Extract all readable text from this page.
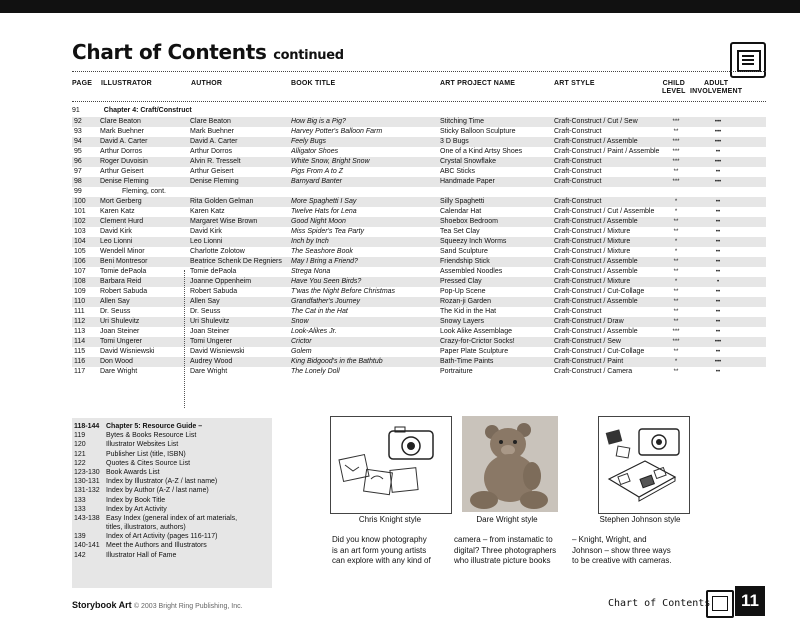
Chart of Contents continued
PAGE ILLUSTRATOR	AUTHOR	BOOK TITLE	ART PROJECT NAME	ART STYLE	CHILD
LEVEL
ADULT
INVOLVEMENT
91	Chapter 4: Craft/Construct
92	Clare Beaton	Clare Beaton	How Big is a Pig?	Stitching Time	Craft-Construct / Cut / Sew	***	•••
93	Mark Buehner	Mark Buehner	Harvey Potter's Balloon Farm	Sticky Balloon Sculpture	Craft-Construct	**	•••
94	David A. Carter	David A. Carter	Feely Bugs	3 D Bugs	Craft-Construct / Assemble	***	•••
95	Arthur Dorros	Arthur Dorros	Alligator Shoes	One of a Kind Artsy Shoes	Craft-Construct / Paint / Assemble	***	••
96	Roger Duvoisin	Alvin R. Tresselt	White Snow, Bright Snow	Crystal Snowflake	Craft-Construct	***	•••
97	Arthur Geisert	Arthur Geisert	Pigs From A to Z	ABC Sticks	Craft-Construct	**	••
98	Denise Fleming	Denise Fleming	Barnyard Banter	Handmade Paper	Craft-Construct	***	•••
99	Fleming, cont.
100	Mort Gerberg	Rita Golden Gelman	More Spaghetti I Say	Silly Spaghetti	Craft-Construct	*	••
101	Karen Katz	Karen Katz	Twelve Hats for Lena	Calendar Hat	Craft-Construct / Cut / Assemble	*	••
102	Clement Hurd	Margaret Wise Brown	Good Night Moon	Shoebox Bedroom	Craft-Construct / Assemble	**	••
103	David Kirk	David Kirk	Miss Spider's Tea Party	Tea Set Clay	Craft-Construct / Mixture	**	••
104	Leo Lionni	Leo Lionni	Inch by Inch	Squeezy Inch Worms	Craft-Construct / Mixture	*	••
105	Wendell Minor	Charlotte Zolotow	The Seashore Book	Sand Sculpture	Craft-Construct / Mixture	*	••
106	Beni Montresor	Beatrice Schenk De Regniers	May I Bring a Friend?	Friendship Stick	Craft-Construct / Assemble	**	••
107	Tomie dePaola	Tomie dePaola	Strega Nona	Assembled Noodles	Craft-Construct / Assemble	**	••
108	Barbara Reid	Joanne Oppenheim	Have You Seen Birds?	Pressed Clay	Craft-Construct / Mixture	*	•
109	Robert Sabuda	Robert Sabuda	T'was the Night Before Christmas	Pop-Up Scene	Craft-Construct / Cut-Collage	**	••
110	Allen Say	Allen Say	Grandfather's Journey	Rozan-ji Garden	Craft-Construct / Assemble	**	••
111	Dr. Seuss	Dr. Seuss	The Cat in the Hat	The Kid in the Hat	Craft-Construct	**	••
112	Uri Shulevitz	Uri Shulevitz	Snow	Snowy Layers	Craft-Construct / Draw	**	••
113	Joan Steiner	Joan Steiner	Look-Alikes Jr.	Look Alike Assemblage	Craft-Construct / Assemble	***	••
114	Tomi Ungerer	Tomi Ungerer	Crictor	Crazy-for-Crictor Socks!	Craft-Construct / Sew	***	•••
115	David Wisniewski	David Wisniewski	Golem	Paper Plate Sculpture	Craft-Construct / Cut-Collage	**	••
116	Don Wood	Audrey Wood	King Bidgood's in the Bathtub	Bath-Time Paints	Craft-Construct / Paint	*	•••
117	Dare Wright	Dare Wright	The Lonely Doll	Portraiture	Craft-Construct / Camera	**	••
118-144 Chapter 5: Resource Guide –
119	Bytes & Books Resource List
120	Illustrator Websites List
121	Publisher List (title, ISBN)
122	Quotes & Cites Source List
123-130 Book Awards List
130-131 Index by Illustrator (A-Z / last name)
131-132 Index by Author (A-Z / last name)
133	Index by Book Title
133	Index by Art Activity
143-138 Easy Index (general index of art materials,
titles, illustrators, authors)
139	Index of Art Activity (pages 116-117)
140-141 Meet the Authors and Illustrators
142	Illustrator Hall of Fame
Chris Knight style	Dare Wright style	Stephen Johnson style
Did you know photography
is an art form young artists
can explore with any kind of
camera – from instamatic to
digital? Three photographers
who illustrate picture books
– Knight, Wright, and
Johnson – show three ways
to be creative with cameras.
Storybook Art © 2003 Bright Ring Publishing, Inc.	Chart of Contents	11
